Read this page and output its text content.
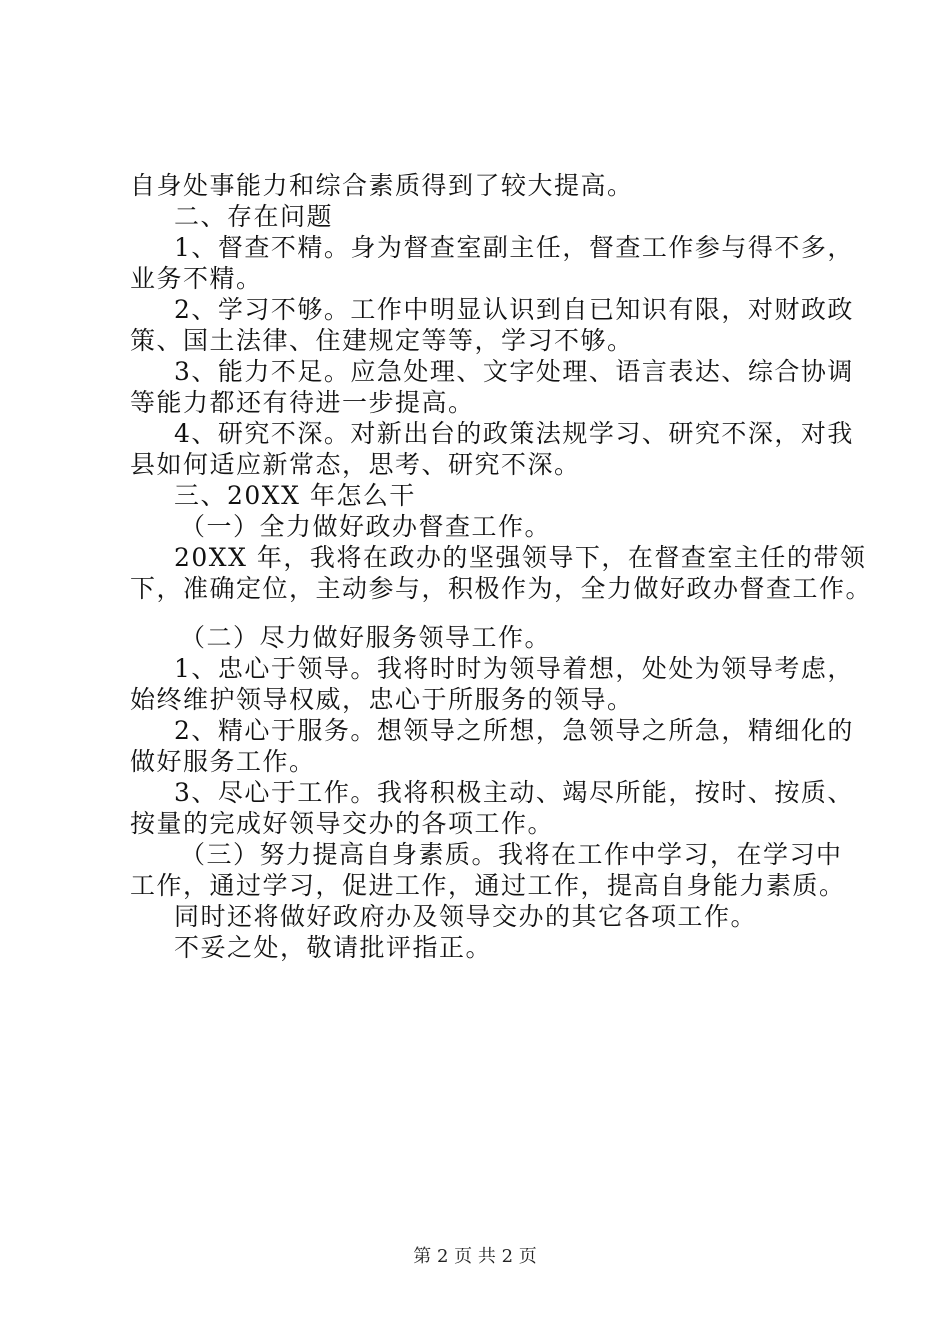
自身处事能力和综合素质得到了较大提高。

二、存在问题

1、督查不精。身为督查室副主任，督查工作参与得不多，

业务不精。

2、学习不够。工作中明显认识到自已知识有限，对财政政

策、国土法律、住建规定等等，学习不够。

3、能力不足。应急处理、文字处理、语言表达、综合协调

等能力都还有待进一步提高。

4、研究不深。对新出台的政策法规学习、研究不深，对我

县如何适应新常态，思考、研究不深。

三、20XX 年怎么干

（一）全力做好政办督查工作。

20XX 年，我将在政办的坚强领导下，在督查室主任的带领

下，准确定位，主动参与，积极作为，全力做好政办督查工作。

（二）尽力做好服务领导工作。

1、忠心于领导。我将时时为领导着想，处处为领导考虑，

始终维护领导权威，忠心于所服务的领导。

2、精心于服务。想领导之所想，急领导之所急，精细化的

做好服务工作。

3、尽心于工作。我将积极主动、竭尽所能，按时、按质、

按量的完成好领导交办的各项工作。

（三）努力提高自身素质。我将在工作中学习，在学习中

工作，通过学习，促进工作，通过工作，提高自身能力素质。

同时还将做好政府办及领导交办的其它各项工作。

不妥之处，敬请批评指正。

第 2 页 共 2 页
